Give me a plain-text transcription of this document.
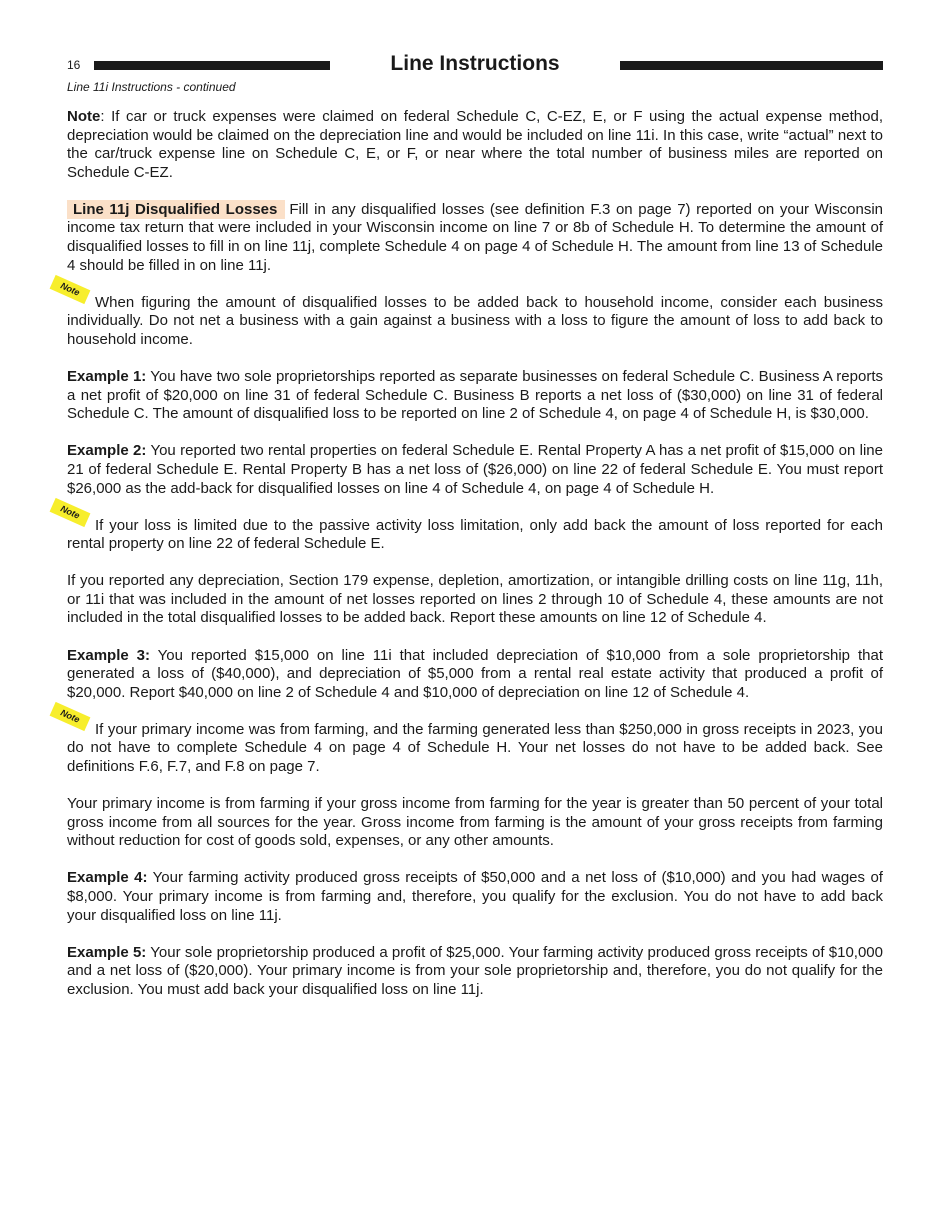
16	Line Instructions
Line 11i Instructions - continued

Note: If car or truck expenses were claimed on federal Schedule C, C-EZ, E, or F using the actual expense method, depreciation would be claimed on the depreciation line and would be included on line 11i. In this case, write “actual” next to the car/truck expense line on Schedule C, E, or F, or near where the total number of business miles are reported on Schedule C-EZ.

Line 11j Disqualified Losses Fill in any disqualified losses (see definition F.3 on page 7) reported on your Wisconsin income tax return that were included in your Wisconsin income on line 7 or 8b of Schedule H. To determine the amount of disqualified losses to fill in on line 11j, complete Schedule 4 on page 4 of Schedule H. The amount from line 13 of Schedule 4 should be filled in on line 11j.

Note
When figuring the amount of disqualified losses to be added back to household income, consider each business individually. Do not net a business with a gain against a business with a loss to figure the amount of loss to add back to household income.

Example 1: You have two sole proprietorships reported as separate businesses on federal Schedule C. Business A reports a net profit of $20,000 on line 31 of federal Schedule C. Business B reports a net loss of ($30,000) on line 31 of federal Schedule C. The amount of disqualified loss to be reported on line 2 of Schedule 4, on page 4 of Schedule H, is $30,000.

Example 2: You reported two rental properties on federal Schedule E. Rental Property A has a net profit of $15,000 on line 21 of federal Schedule E. Rental Property B has a net loss of ($26,000) on line 22 of federal Schedule E. You must report $26,000 as the add-back for disqualified losses on line 4 of Schedule 4, on page 4 of Schedule H.

Note
If your loss is limited due to the passive activity loss limitation, only add back the amount of loss reported for each rental property on line 22 of federal Schedule E.

If you reported any depreciation, Section 179 expense, depletion, amortization, or intangible drilling costs on line 11g, 11h, or 11i that was included in the amount of net losses reported on lines 2 through 10 of Schedule 4, these amounts are not included in the total disqualified losses to be added back. Report these amounts on line 12 of Schedule 4.

Example 3: You reported $15,000 on line 11i that included depreciation of $10,000 from a sole proprietorship that generated a loss of ($40,000), and depreciation of $5,000 from a rental real estate activity that produced a profit of $20,000. Report $40,000 on line 2 of Schedule 4 and $10,000 of depreciation on line 12 of Schedule 4.

Note
If your primary income was from farming, and the farming generated less than $250,000 in gross receipts in 2023, you do not have to complete Schedule 4 on page 4 of Schedule H. Your net losses do not have to be added back. See definitions F.6, F.7, and F.8 on page 7.

Your primary income is from farming if your gross income from farming for the year is greater than 50 percent of your total gross income from all sources for the year. Gross income from farming is the amount of your gross receipts from farming without reduction for cost of goods sold, expenses, or any other amounts.

Example 4: Your farming activity produced gross receipts of $50,000 and a net loss of ($10,000) and you had wages of $8,000. Your primary income is from farming and, therefore, you qualify for the exclusion. You do not have to add back your disqualified loss on line 11j.

Example 5: Your sole proprietorship produced a profit of $25,000. Your farming activity produced gross receipts of $10,000 and a net loss of ($20,000). Your primary income is from your sole proprietorship and, therefore, you do not qualify for the exclusion. You must add back your disqualified loss on line 11j.
